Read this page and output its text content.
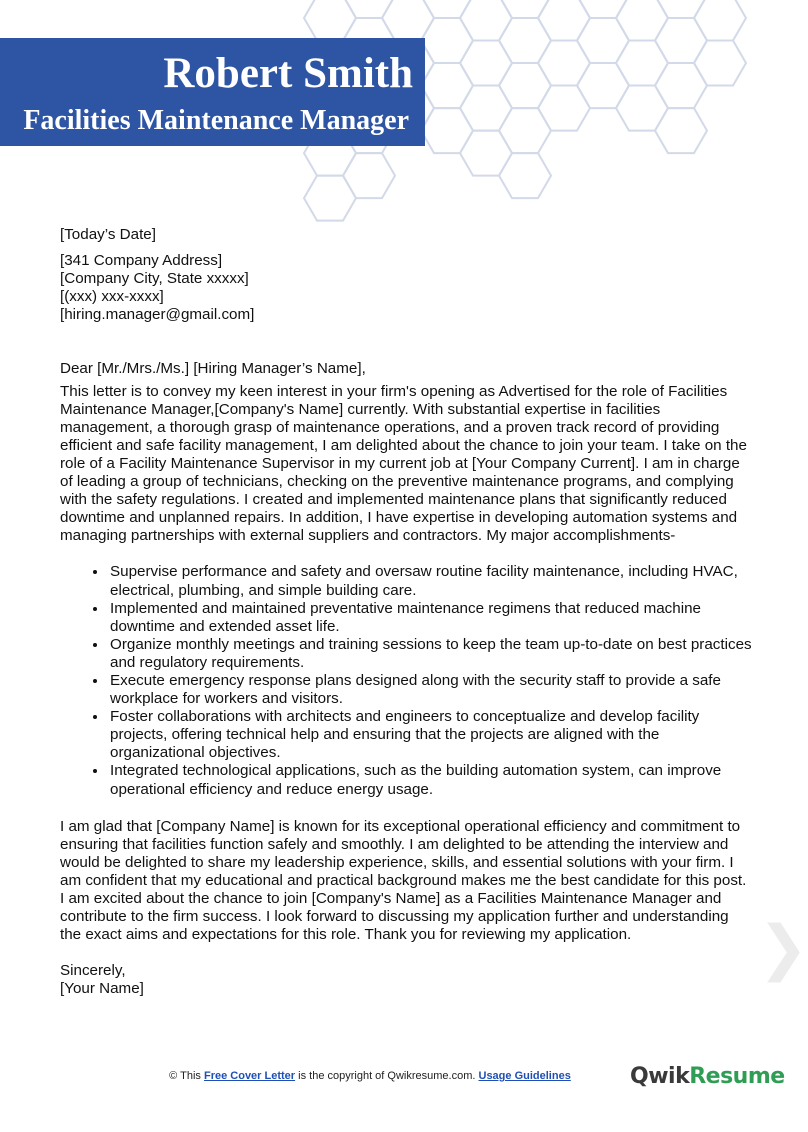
Robert Smith
Facilities Maintenance Manager

[Today’s Date]

[341 Company Address]

[Company City, State xxxxx]

[(xxx) xxx-xxxx]

[hiring.manager@gmail.com]

Dear [Mr./Mrs./Ms.] [Hiring Manager’s Name],

This letter is to convey my keen interest in your firm's opening as Advertised for the role of Facilities Maintenance Manager,[Company's Name] currently. With substantial expertise in facilities management, a thorough grasp of maintenance operations, and a proven track record of providing efficient and safe facility management, I am delighted about the chance to join your team. I take on the role of a Facility Maintenance Supervisor in my current job at [Your Company Current]. I am in charge of leading a group of technicians, checking on the preventive maintenance programs, and complying with the safety regulations. I created and implemented maintenance plans that significantly reduced downtime and unplanned repairs. In addition, I have expertise in developing automation systems and managing partnerships with external suppliers and contractors. My major accomplishments-

• Supervise performance and safety and oversaw routine facility maintenance, including HVAC, electrical, plumbing, and simple building care.
• Implemented and maintained preventative maintenance regimens that reduced machine downtime and extended asset life.
• Organize monthly meetings and training sessions to keep the team up-to-date on best practices and regulatory requirements.
• Execute emergency response plans designed along with the security staff to provide a safe workplace for workers and visitors.
• Foster collaborations with architects and engineers to conceptualize and develop facility projects, offering technical help and ensuring that the projects are aligned with the organizational objectives.
• Integrated technological applications, such as the building automation system, can improve operational efficiency and reduce energy usage.

I am glad that [Company Name] is known for its exceptional operational efficiency and commitment to ensuring that facilities function safely and smoothly. I am delighted to be attending the interview and would be delighted to share my leadership experience, skills, and essential solutions with your firm. I am confident that my educational and practical background makes me the best candidate for this post. I am excited about the chance to join [Company's Name] as a Facilities Maintenance Manager and contribute to the firm success. I look forward to discussing my application further and understanding the exact aims and expectations for this role. Thank you for reviewing my application.

Sincerely,

[Your Name]

❯
© This Free Cover Letter is the copyright of Qwikresume.com. Usage Guidelines	QwikResume
